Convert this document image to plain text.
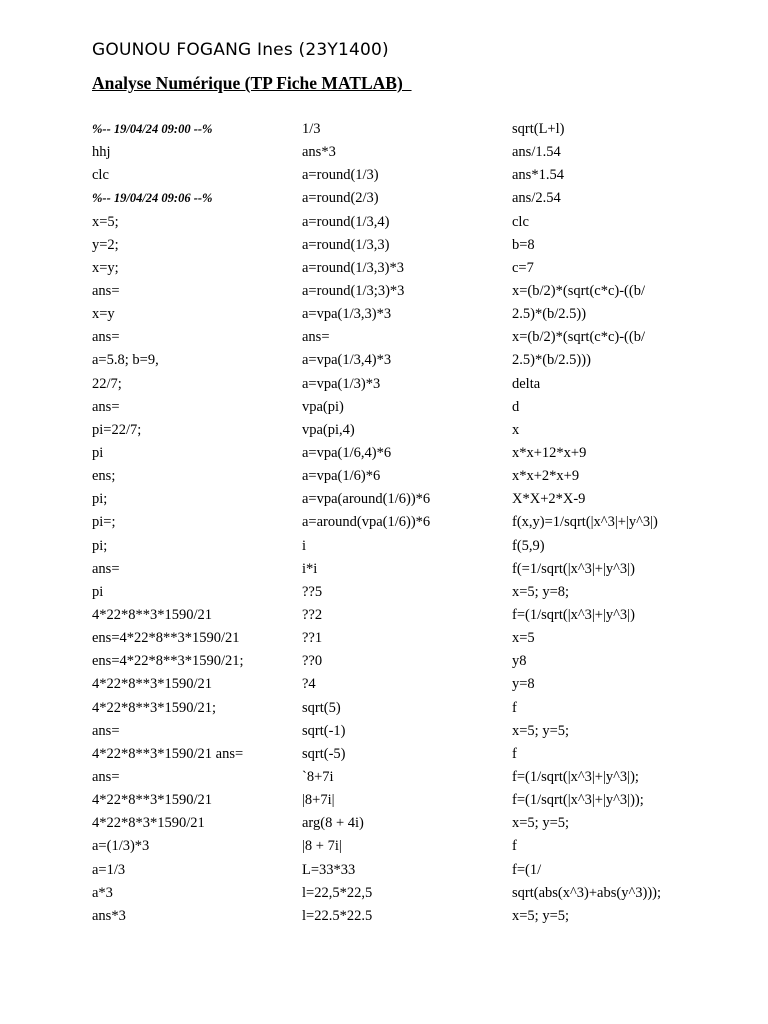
GOUNOU FOGANG Ines (23Y1400)
Analyse Numérique (TP Fiche MATLAB)
%-- 19/04/24 09:00 --%
hhj
clc
%-- 19/04/24 09:06 --%
x=5;
y=2;
x=y;
ans=
x=y
ans=
a=5.8; b=9,
22/7;
ans=
pi=22/7;
pi
ens;
pi;
pi=;
pi;
ans=
pi
4*22*8**3*1590/21
ens=4*22*8**3*1590/21
ens=4*22*8**3*1590/21;
4*22*8**3*1590/21
4*22*8**3*1590/21;
ans=
4*22*8**3*1590/21 ans=
ans=
4*22*8**3*1590/21
4*22*8*3*1590/21
a=(1/3)*3
a=1/3
a*3
ans*3
1/3
ans*3
a=round(1/3)
a=round(2/3)
a=round(1/3,4)
a=round(1/3,3)
a=round(1/3,3)*3
a=round(1/3;3)*3
a=vpa(1/3,3)*3
ans=
a=vpa(1/3,4)*3
a=vpa(1/3)*3
vpa(pi)
vpa(pi,4)
a=vpa(1/6,4)*6
a=vpa(1/6)*6
a=vpa(around(1/6))*6
a=around(vpa(1/6))*6
i
i*i
??5
??2
??1
??0
?4
sqrt(5)
sqrt(-1)
sqrt(-5)
`8+7i
|8+7i|
arg(8 + 4i)
|8 + 7i|
L=33*33
l=22,5*22,5
l=22.5*22.5
sqrt(L+l)
ans/1.54
ans*1.54
ans/2.54
clc
b=8
c=7
x=(b/2)*(sqrt(c*c)-((b/
2.5)*(b/2.5))
x=(b/2)*(sqrt(c*c)-((b/
2.5)*(b/2.5)))
delta
d
x
x*x+12*x+9
x*x+2*x+9
X*X+2*X-9
f(x,y)=1/sqrt(|x^3|+|y^3|)
f(5,9)
f(=1/sqrt(|x^3|+|y^3|)
x=5; y=8;
f=(1/sqrt(|x^3|+|y^3|)
x=5
y8
y=8
f
x=5; y=5;
f
f=(1/sqrt(|x^3|+|y^3|);
f=(1/sqrt(|x^3|+|y^3|));
x=5; y=5;
f
f=(1/
sqrt(abs(x^3)+abs(y^3)));
x=5; y=5;
